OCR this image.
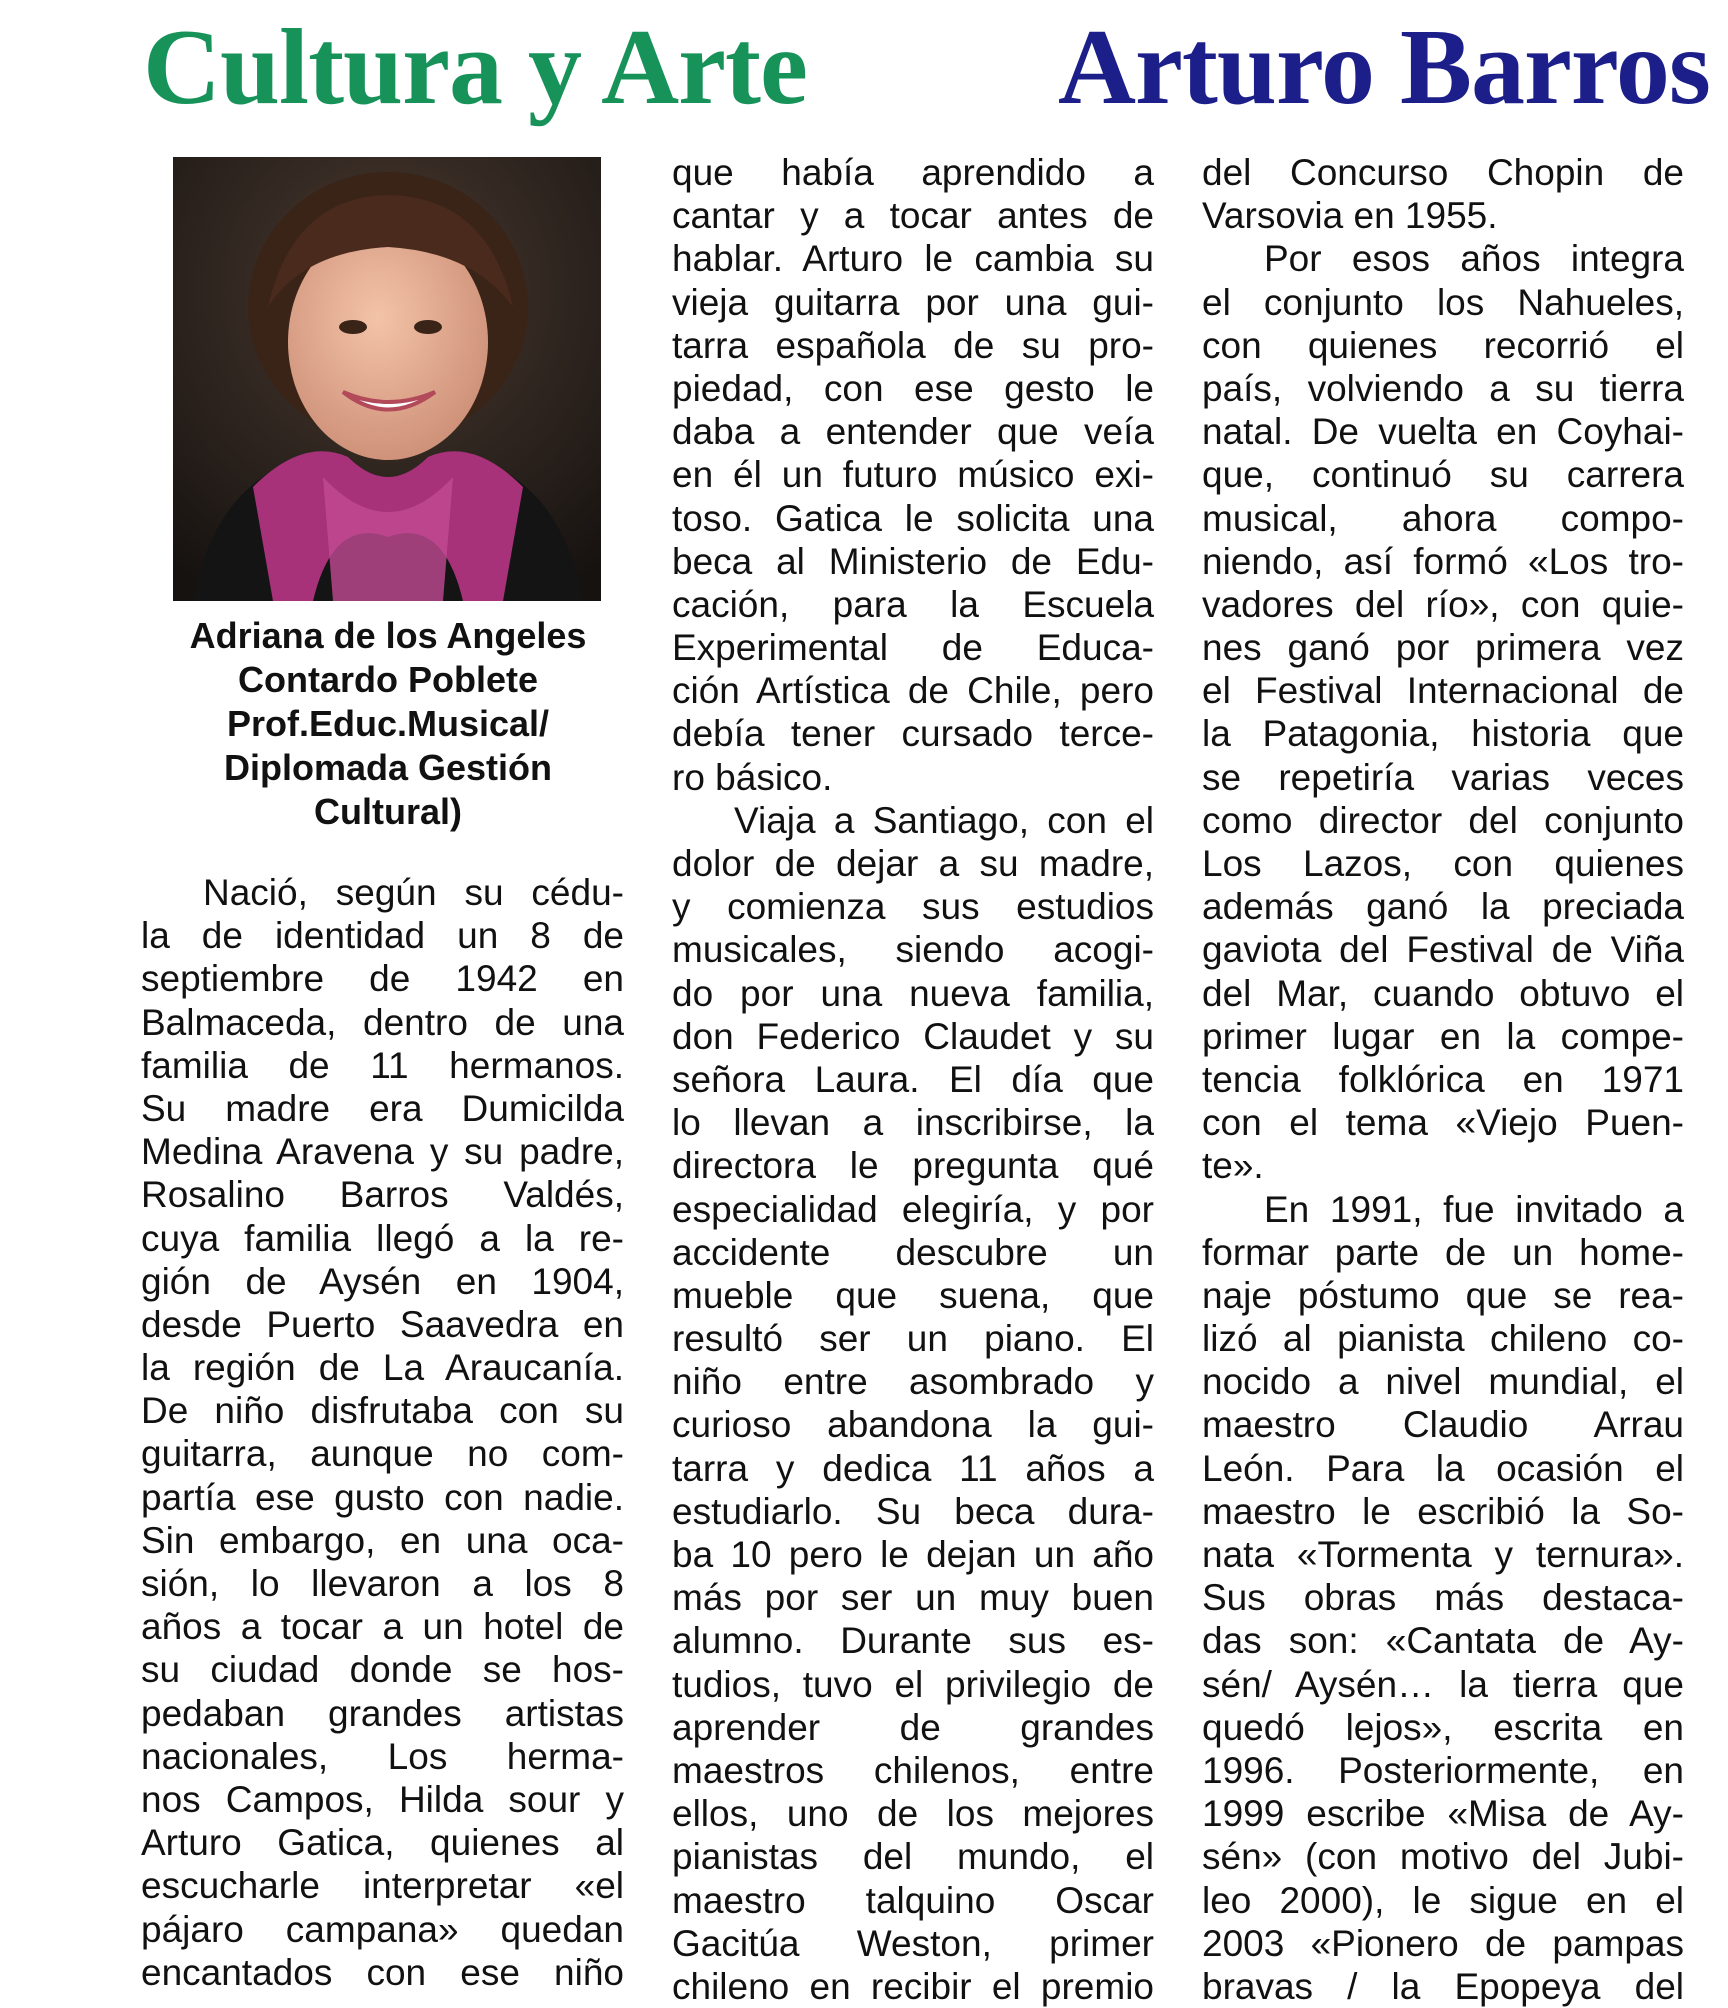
Cultura y Arte Arturo Barros
Adriana de los Angeles
Contardo Poblete
Prof.Educ.Musical/
Diplomada Gestión
Cultural)
Nació, según su cédu-
la de identidad un 8 de
septiembre de 1942 en
Balmaceda, dentro de una
familia de 11 hermanos.
Su madre era Dumicilda
Medina Aravena y su padre,
Rosalino Barros Valdés,
cuya familia llegó a la re-
gión de Aysén en 1904,
desde Puerto Saavedra en
la región de La Araucanía.
De niño disfrutaba con su
guitarra, aunque no com-
partía ese gusto con nadie.
Sin embargo, en una oca-
sión, lo llevaron a los 8
años a tocar a un hotel de
su ciudad donde se hos-
pedaban grandes artistas
nacionales, Los herma-
nos Campos, Hilda sour y
Arturo Gatica, quienes al
escucharle interpretar «el
pájaro campana» quedan
encantados con ese niño
que había aprendido a
cantar y a tocar antes de
hablar. Arturo le cambia su
vieja guitarra por una gui-
tarra española de su pro-
piedad, con ese gesto le
daba a entender que veía
en él un futuro músico exi-
toso. Gatica le solicita una
beca al Ministerio de Edu-
cación, para la Escuela
Experimental de Educa-
ción Artística de Chile, pero
debía tener cursado terce-
ro básico.
Viaja a Santiago, con el
dolor de dejar a su madre,
y comienza sus estudios
musicales, siendo acogi-
do por una nueva familia,
don Federico Claudet y su
señora Laura. El día que
lo llevan a inscribirse, la
directora le pregunta qué
especialidad elegiría, y por
accidente descubre un
mueble que suena, que
resultó ser un piano. El
niño entre asombrado y
curioso abandona la gui-
tarra y dedica 11 años a
estudiarlo. Su beca dura-
ba 10 pero le dejan un año
más por ser un muy buen
alumno. Durante sus es-
tudios, tuvo el privilegio de
aprender de grandes
maestros chilenos, entre
ellos, uno de los mejores
pianistas del mundo, el
maestro talquino Oscar
Gacitúa Weston, primer
chileno en recibir el premio
del Concurso Chopin de
Varsovia en 1955.
Por esos años integra
el conjunto los Nahueles,
con quienes recorrió el
país, volviendo a su tierra
natal. De vuelta en Coyhai-
que, continuó su carrera
musical, ahora compo-
niendo, así formó «Los tro-
vadores del río», con quie-
nes ganó por primera vez
el Festival Internacional de
la Patagonia, historia que
se repetiría varias veces
como director del conjunto
Los Lazos, con quienes
además ganó la preciada
gaviota del Festival de Viña
del Mar, cuando obtuvo el
primer lugar en la compe-
tencia folklórica en 1971
con el tema «Viejo Puen-
te».
En 1991, fue invitado a
formar parte de un home-
naje póstumo que se rea-
lizó al pianista chileno co-
nocido a nivel mundial, el
maestro Claudio Arrau
León. Para la ocasión el
maestro le escribió la So-
nata «Tormenta y ternura».
Sus obras más destaca-
das son: «Cantata de Ay-
sén/ Aysén… la tierra que
quedó lejos», escrita en
1996. Posteriormente, en
1999 escribe «Misa de Ay-
sén» (con motivo del Jubi-
leo 2000), le sigue en el
2003 «Pionero de pampas
bravas / la Epopeya del
